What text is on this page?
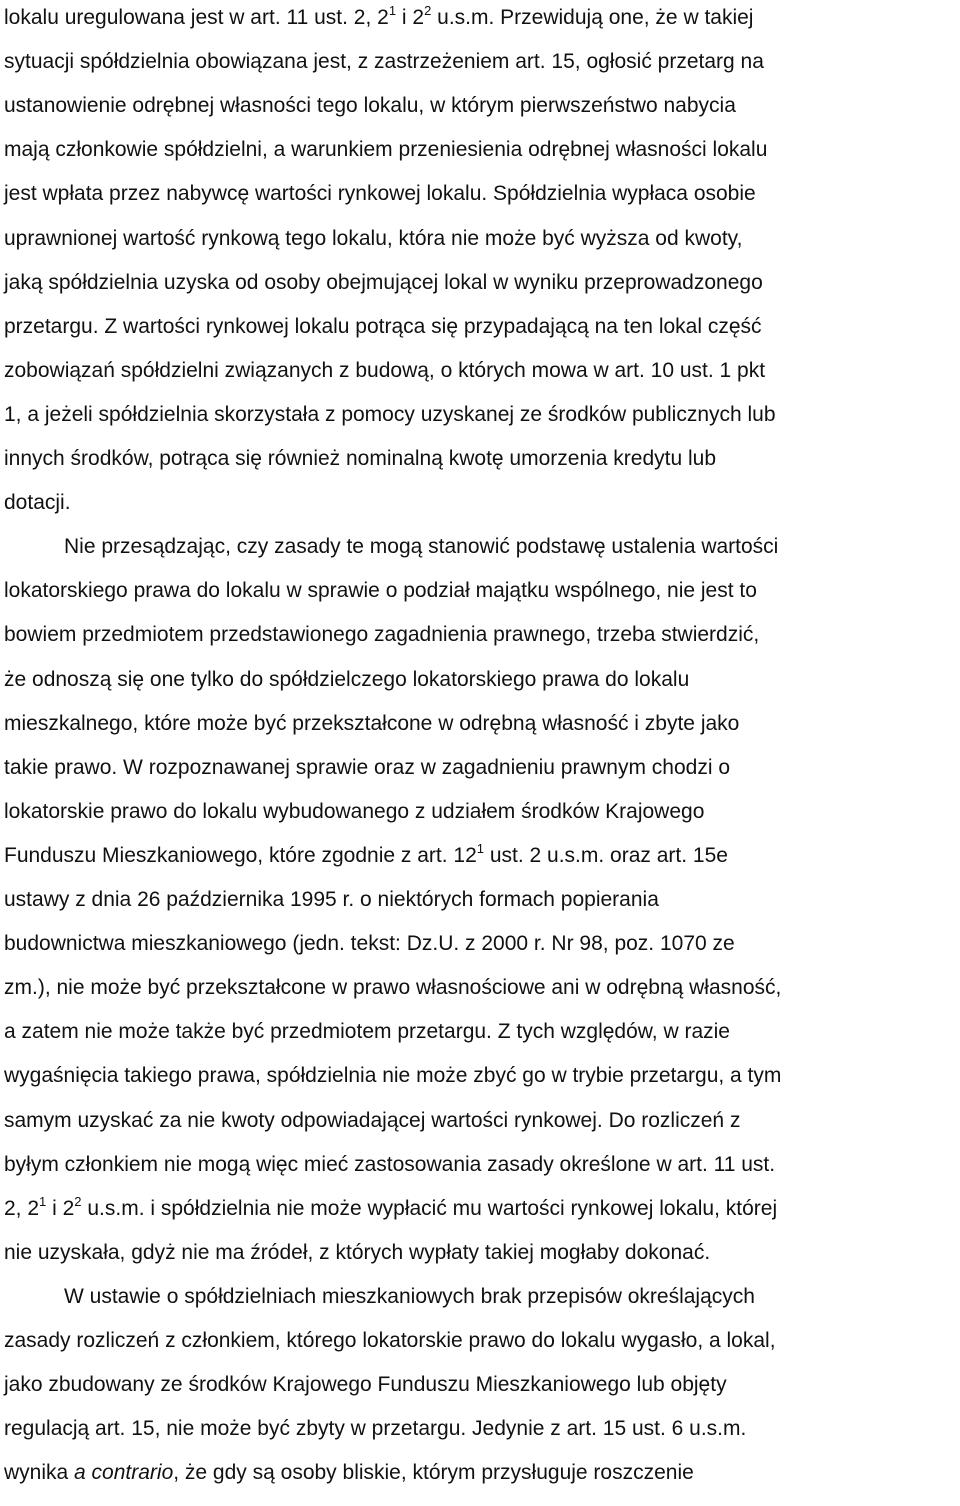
lokalu uregulowana jest w art. 11 ust. 2, $2^1$ i $2^2$ u.s.m. Przewidują one, że w takiej
sytuacji spółdzielnia obowiązana jest, z zastrzeżeniem art. 15, ogłosić przetarg na
ustanowienie odrębnej własności tego lokalu, w którym pierwszeństwo nabycia
mają członkowie spółdzielni, a warunkiem przeniesienia odrębnej własności lokalu
jest wpłata przez nabywcę wartości rynkowej lokalu. Spółdzielnia wypłaca osobie
uprawnionej wartość rynkową tego lokalu, która nie może być wyższa od kwoty,
jaką spółdzielnia uzyska od osoby obejmującej lokal w wyniku przeprowadzonego
przetargu. Z wartości rynkowej lokalu potrąca się przypadającą na ten lokal część
zobowiązań spółdzielni związanych z budową, o których mowa w art. 10 ust. 1 pkt
1, a jeżeli spółdzielnia skorzystała z pomocy uzyskanej ze środków publicznych lub
innych środków, potrąca się również nominalną kwotę umorzenia kredytu lub
dotacji.
Nie przesądzając, czy zasady te mogą stanowić podstawę ustalenia wartości
lokatorskiego prawa do lokalu w sprawie o podział majątku wspólnego, nie jest to
bowiem przedmiotem przedstawionego zagadnienia prawnego, trzeba stwierdzić,
że odnoszą się one tylko do spółdzielczego lokatorskiego prawa do lokalu
mieszkalnego, które może być przekształcone w odrębną własność i zbyte jako
takie prawo. W rozpoznawanej sprawie oraz w zagadnieniu prawnym chodzi o
lokatorskie prawo do lokalu wybudowanego z udziałem środków Krajowego
Funduszu Mieszkaniowego, które zgodnie z art. $12^1$ ust. 2 u.s.m. oraz art. 15e
ustawy z dnia 26 października 1995 r. o niektórych formach popierania
budownictwa mieszkaniowego (jedn. tekst: Dz.U. z 2000 r. Nr 98, poz. 1070 ze
zm.), nie może być przekształcone w prawo własnościowe ani w odrębną własność,
a zatem nie może także być przedmiotem przetargu. Z tych względów, w razie
wygaśnięcia takiego prawa, spółdzielnia nie może zbyć go w trybie przetargu, a tym
samym uzyskać za nie kwoty odpowiadającej wartości rynkowej. Do rozliczeń z
byłym członkiem nie mogą więc mieć zastosowania zasady określone w art. 11 ust.
2, $2^1$ i $2^2$ u.s.m. i spółdzielnia nie może wypłacić mu wartości rynkowej lokalu, której
nie uzyskała, gdyż nie ma źródeł, z których wypłaty takiej mogłaby dokonać.
W ustawie o spółdzielniach mieszkaniowych brak przepisów określających
zasady rozliczeń z członkiem, którego lokatorskie prawo do lokalu wygasło, a lokal,
jako zbudowany ze środków Krajowego Funduszu Mieszkaniowego lub objęty
regulacją art. 15, nie może być zbyty w przetargu. Jedynie z art. 15 ust. 6 u.s.m.
wynika a contrario, że gdy są osoby bliskie, którym przysługuje roszczenie
